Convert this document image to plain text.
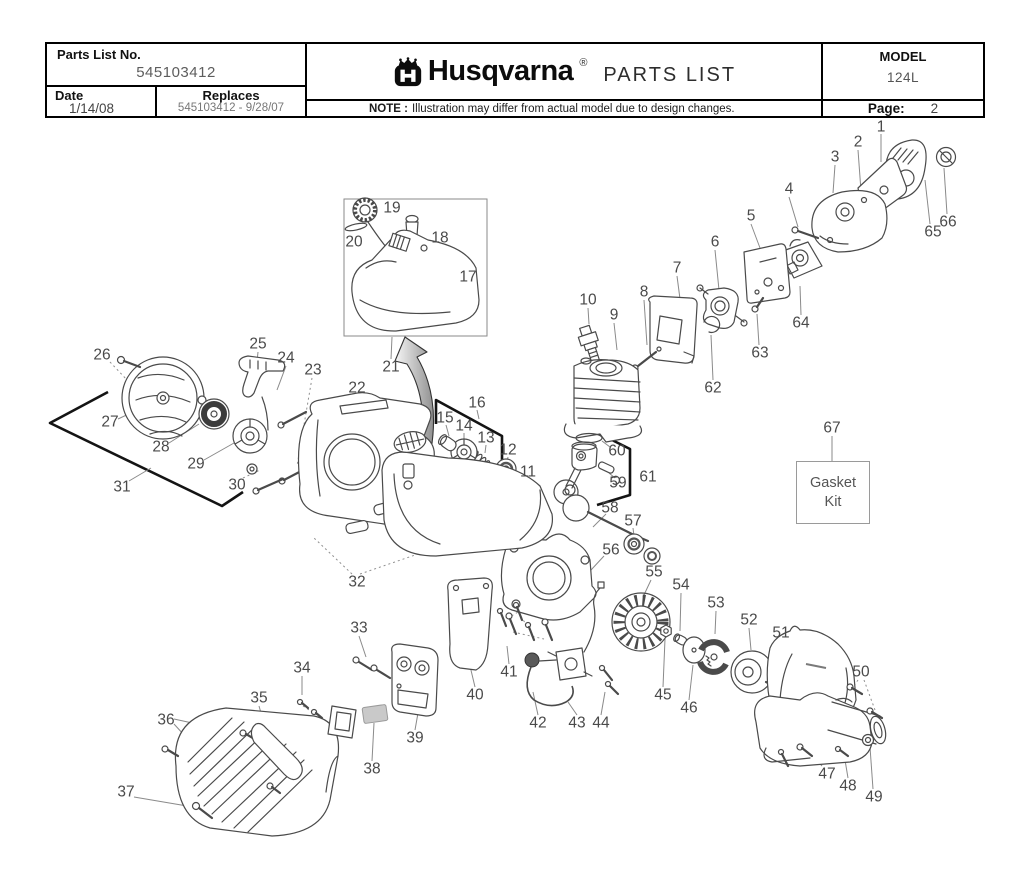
Parts List No.
545103412
Date
1/14/08
Replaces
545103412 - 9/28/07
Husqvarna ®
PARTS LIST
NOTE : Illustration may differ from actual model due to design changes.
MODEL
124L
Page: 2
Gasket
Kit
1
2
3
4
5
6
7
8
9
10
11
12
13
14
15
16
17
18
19
20
21
22
23
24
25
26
27
28
29
30
31
32
33
34
35
36
37
38
39
40
41
42 43 44
45
46
47
48
49
50
51
52
53
54
55
56
57
58
59
60
61
62
63
64
65
66
67
